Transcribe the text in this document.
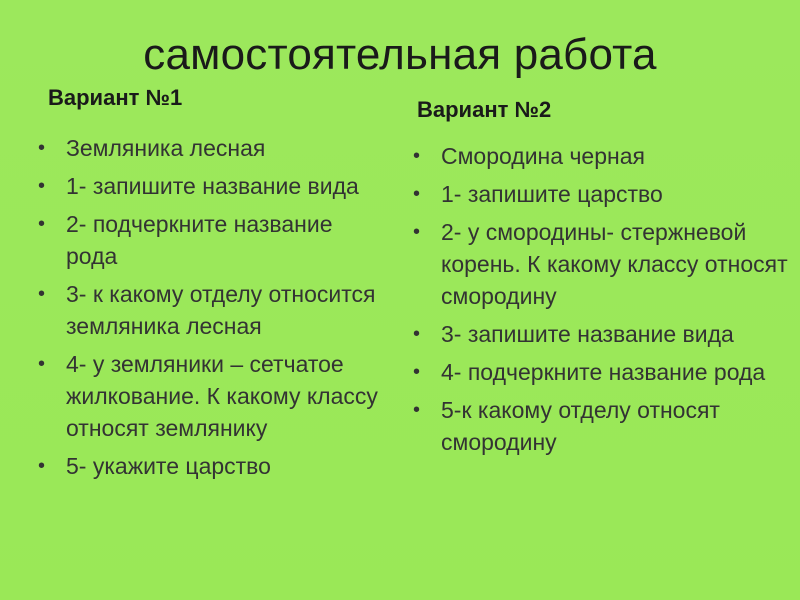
самостоятельная работа
Вариант №1	Вариант №2
• Земляника лесная
• 1- запишите название вида
• 2- подчеркните название рода
• 3- к какому отделу относится земляника лесная
• 4- у земляники – сетчатое жилкование. К какому классу относят землянику
• 5- укажите царство
• Смородина черная
• 1- запишите царство
• 2- у смородины- стержневой корень. К какому классу относят смородину
• 3- запишите название вида
• 4- подчеркните название рода
• 5-к какому отделу относят смородину
